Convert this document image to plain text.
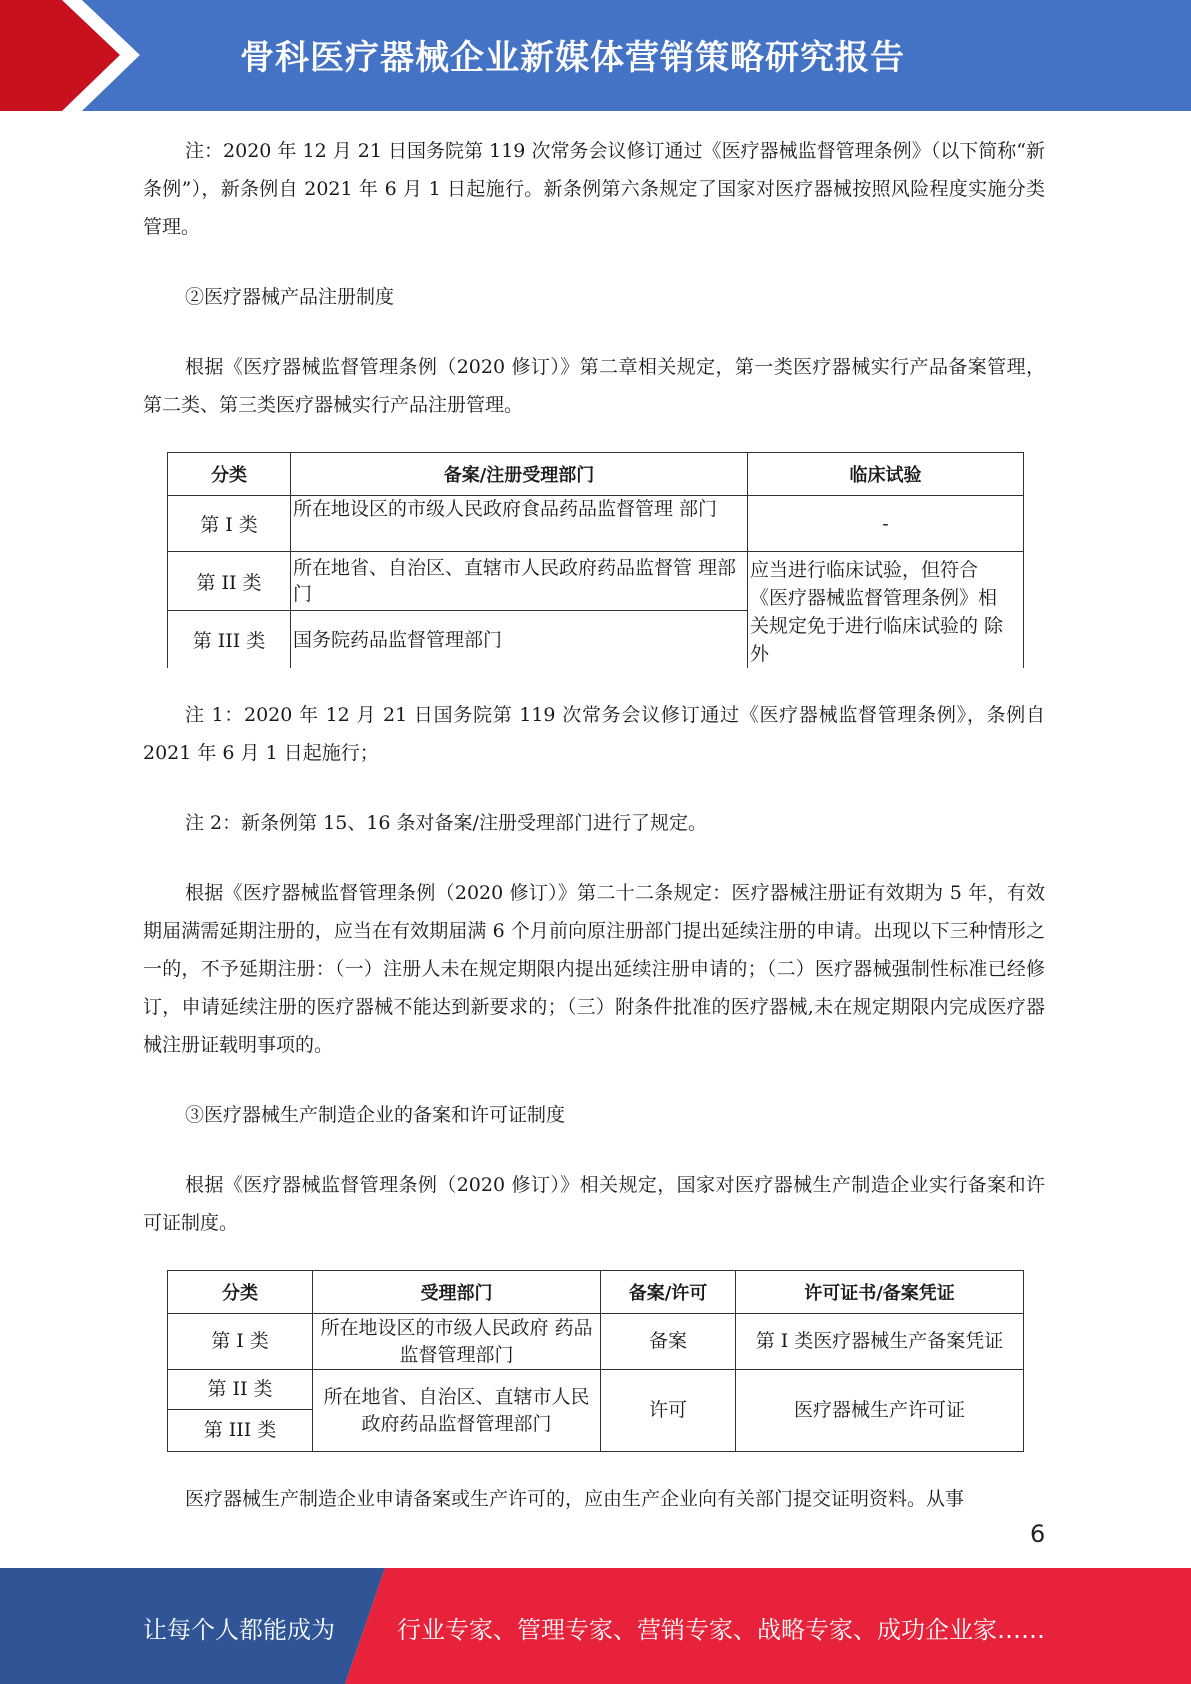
骨科医疗器械企业新媒体营销策略研究报告

注：2020 年 12 月 21 日国务院第 119 次常务会议修订通过《医疗器械监督管理条例》（以下简称“新条例”），新条例自 2021 年 6 月 1 日起施行。新条例第六条规定了国家对医疗器械按照风险程度实施分类管理。

②医疗器械产品注册制度

根据《医疗器械监督管理条例（2020 修订）》第二章相关规定，第一类医疗器械实行产品备案管理，第二类、第三类医疗器械实行产品注册管理。

分类	备案/注册受理部门	临床试验
第 I 类	所在地设区的市级人民政府食品药品监督管理 部门	-
第 II 类	所在地省、自治区、直辖市人民政府药品监督管 理部门	应当进行临床试验，但符合 《医疗器械监督管理条例》相 关规定免于进行临床试验的 除外
第 III 类	国务院药品监督管理部门	

注 1：2020 年 12 月 21 日国务院第 119 次常务会议修订通过《医疗器械监督管理条例》，条例自 2021 年 6 月 1 日起施行；

注 2：新条例第 15、16 条对备案/注册受理部门进行了规定。

根据《医疗器械监督管理条例（2020 修订）》第二十二条规定：医疗器械注册证有效期为 5 年，有效期届满需延期注册的，应当在有效期届满 6 个月前向原注册部门提出延续注册的申请。出现以下三种情形之一的，不予延期注册：（一）注册人未在规定期限内提出延续注册申请的；（二）医疗器械强制性标准已经修订，申请延续注册的医疗器械不能达到新要求的；（三）附条件批准的医疗器械,未在规定期限内完成医疗器械注册证载明事项的。

③医疗器械生产制造企业的备案和许可证制度

根据《医疗器械监督管理条例（2020 修订）》相关规定，国家对医疗器械生产制造企业实行备案和许可证制度。

分类	受理部门	备案/许可	许可证书/备案凭证
第 I 类	所在地设区的市级人民政府 药品监督管理部门	备案	第 I 类医疗器械生产备案凭证
第 II 类	所在地省、自治区、直辖市人民政府药品监督管理部门	许可	医疗器械生产许可证
第 III 类			

医疗器械生产制造企业申请备案或生产许可的，应由生产企业向有关部门提交证明资料。从事

6
让每个人都能成为	行业专家、管理专家、营销专家、战略专家、成功企业家……
